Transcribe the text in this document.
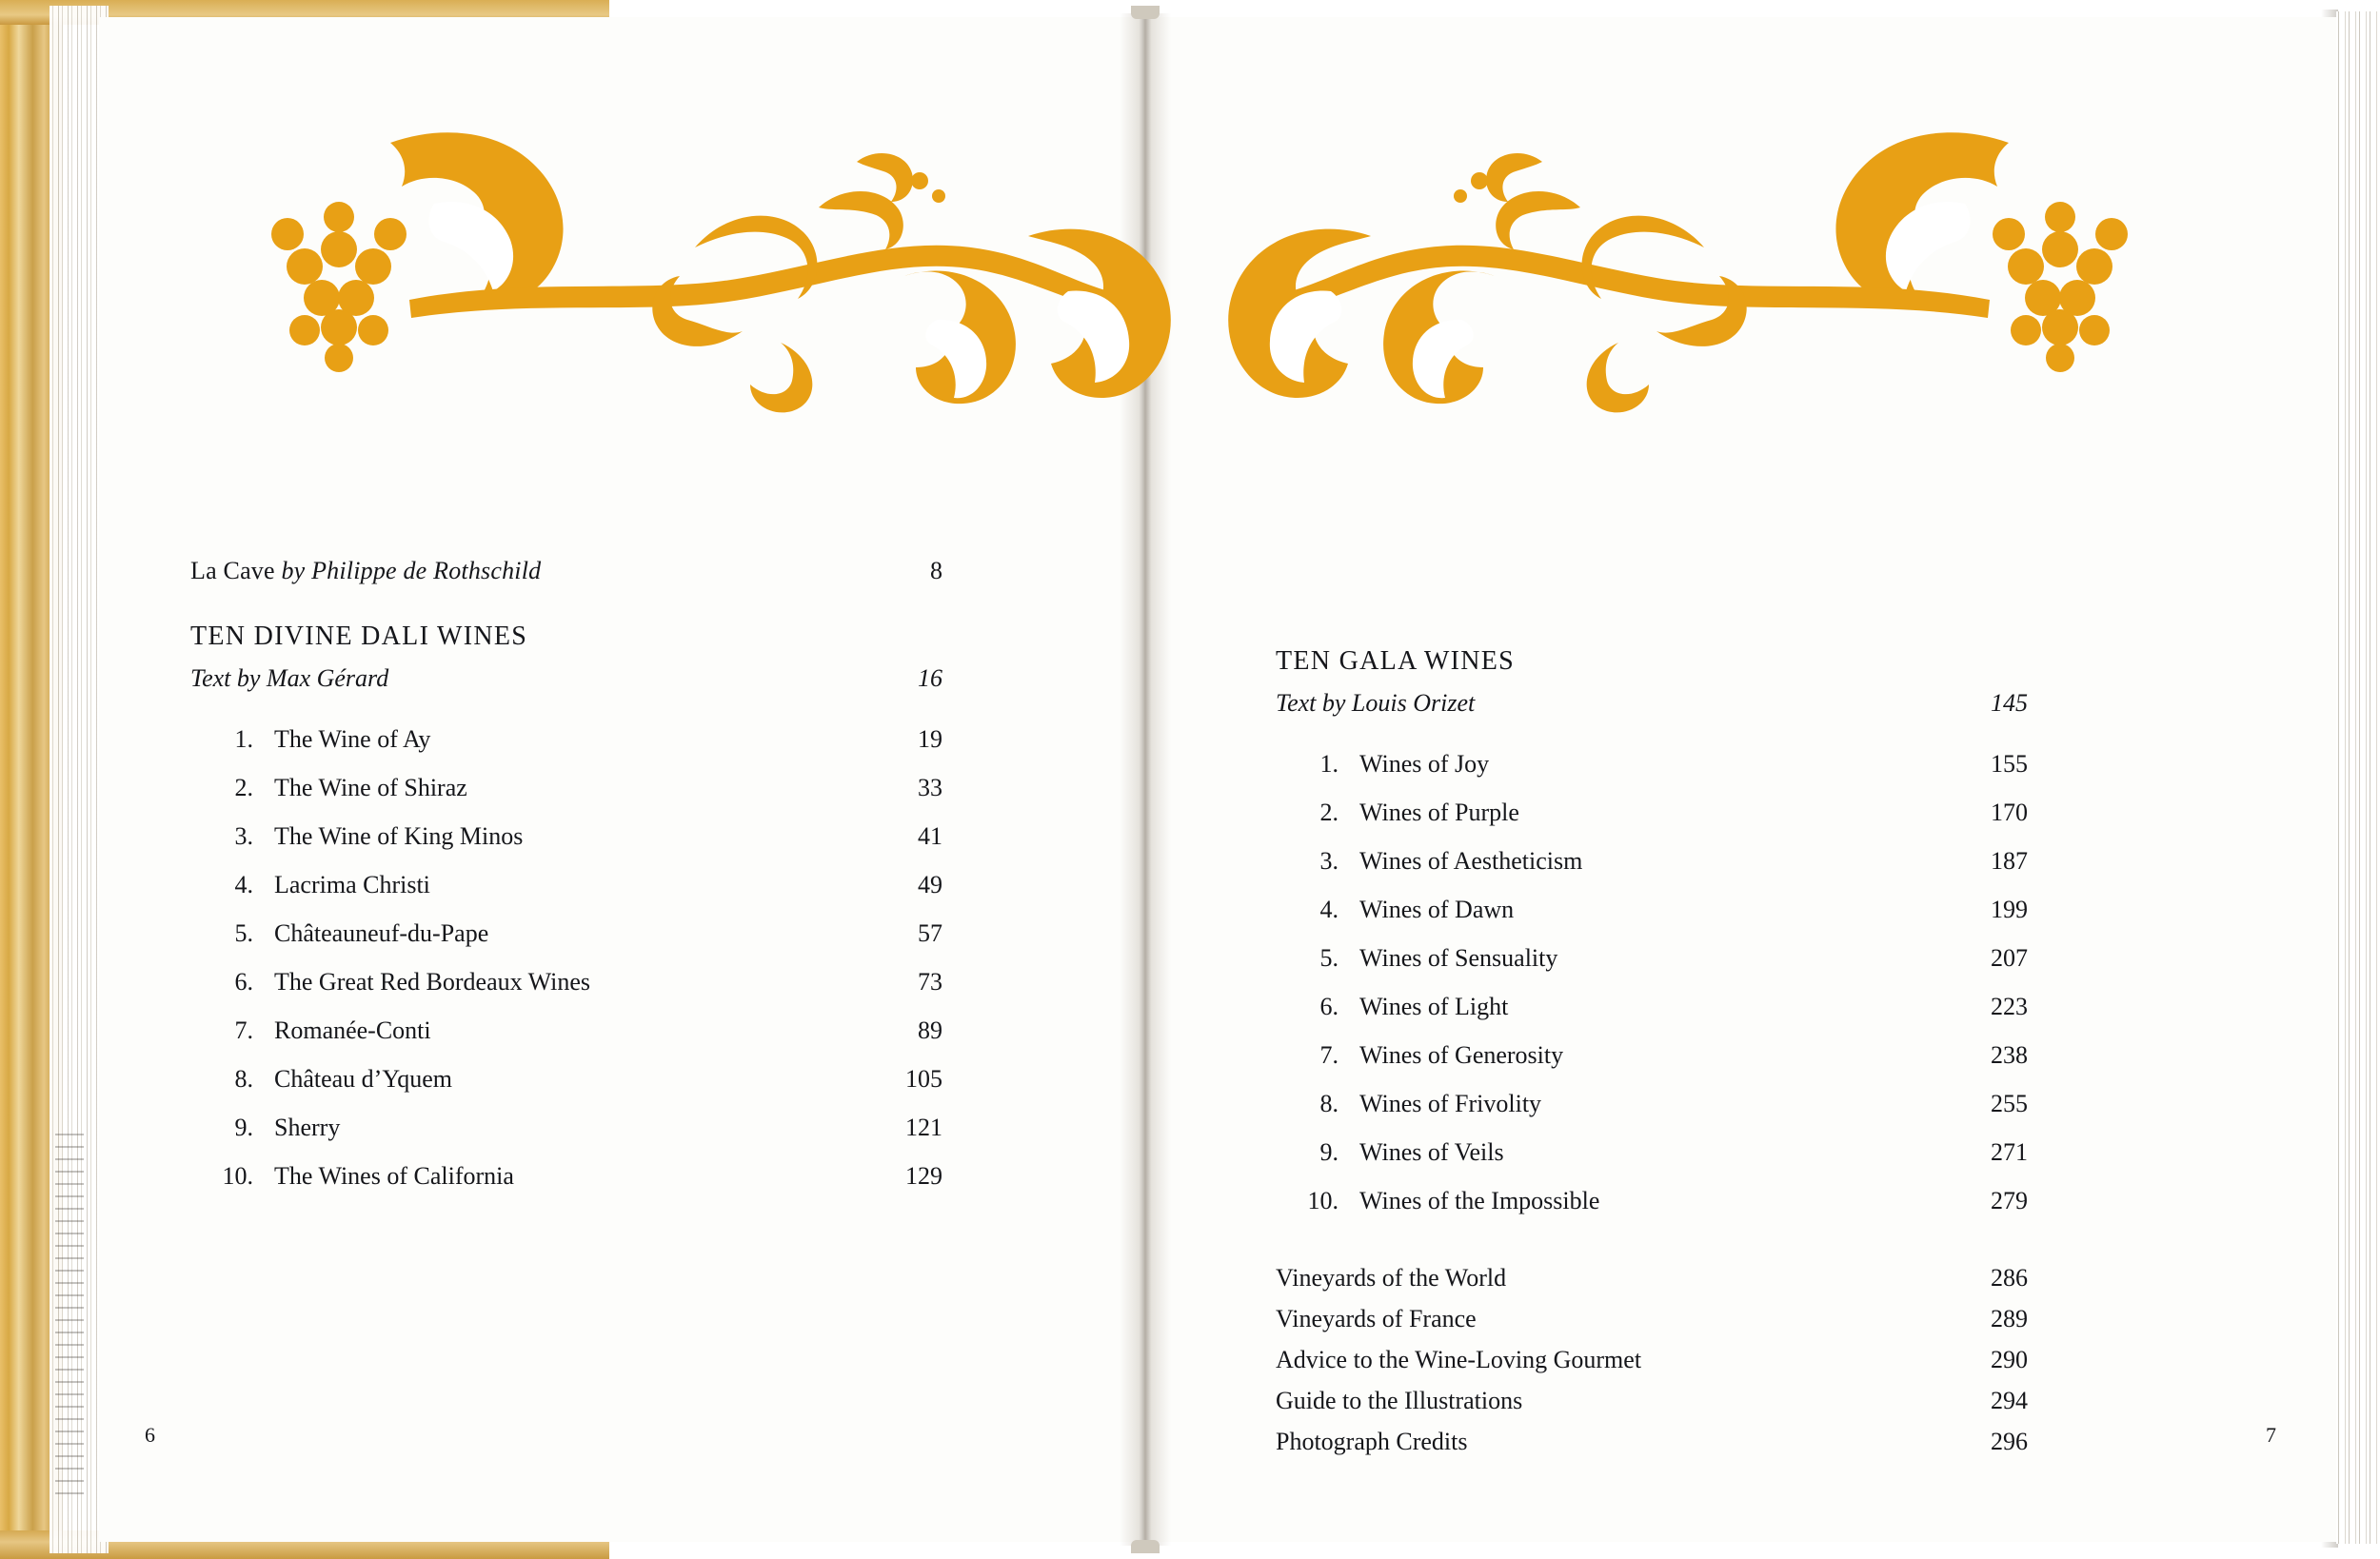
La Cave by Philippe de Rothschild	8
TEN DIVINE DALI WINES
Text by Max Gérard	16
1. The Wine of Ay	19
2. The Wine of Shiraz	33
3. The Wine of King Minos	41
4. Lacrima Christi	49
5. Châteauneuf-du-Pape	57
6. The Great Red Bordeaux Wines	73
7. Romanée-Conti	89
8. Château d’Yquem	105
9. Sherry	121
10. The Wines of California	129
TEN GALA WINES
Text by Louis Orizet	145
1. Wines of Joy	155
2. Wines of Purple	170
3. Wines of Aestheticism	187
4. Wines of Dawn	199
5. Wines of Sensuality	207
6. Wines of Light	223
7. Wines of Generosity	238
8. Wines of Frivolity	255
9. Wines of Veils	271
10. Wines of the Impossible	279
Vineyards of the World	286
Vineyards of France	289
Advice to the Wine-Loving Gourmet	290
Guide to the Illustrations	294
Photograph Credits	296
6	7
